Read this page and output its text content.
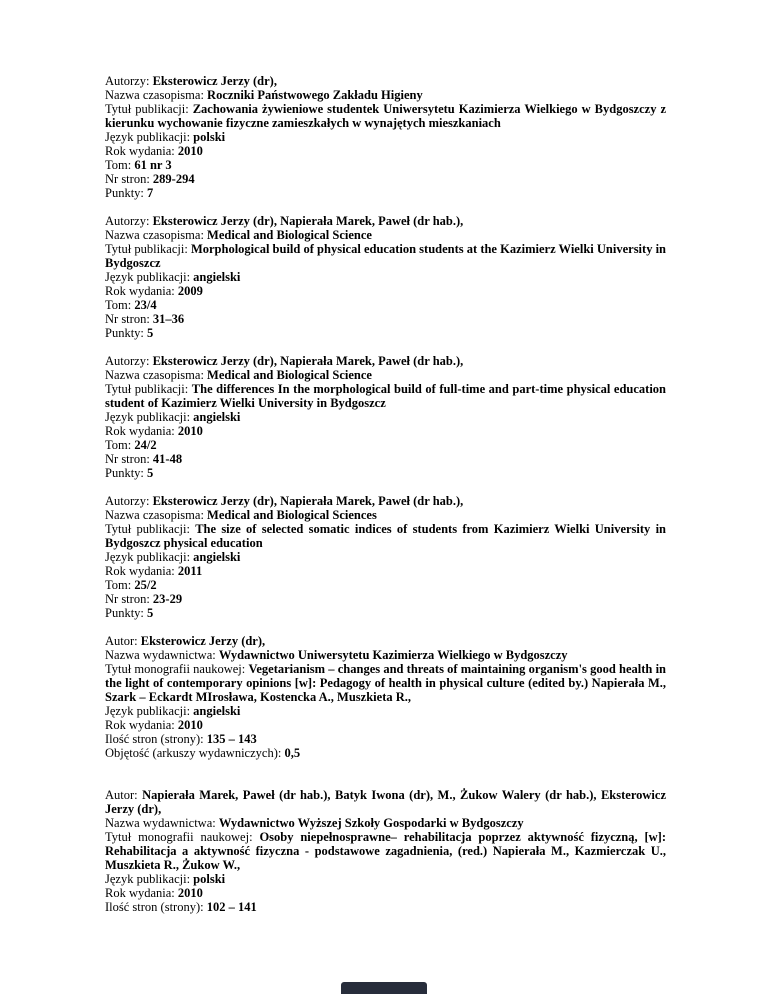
Autorzy: Eksterowicz Jerzy (dr),
Nazwa czasopisma: Roczniki Państwowego Zakładu Higieny
Tytuł publikacji: Zachowania żywieniowe studentek Uniwersytetu Kazimierza Wielkiego w Bydgoszczy z kierunku wychowanie fizyczne zamieszkałych w wynajętych mieszkaniach
Język publikacji: polski
Rok wydania: 2010
Tom: 61 nr 3
Nr stron: 289-294
Punkty: 7
Autorzy: Eksterowicz Jerzy (dr), Napierała Marek, Paweł (dr hab.),
Nazwa czasopisma: Medical and Biological Science
Tytuł publikacji: Morphological build of physical education students at the Kazimierz Wielki University in Bydgoszcz
Język publikacji: angielski
Rok wydania: 2009
Tom: 23/4
Nr stron: 31–36
Punkty: 5
Autorzy: Eksterowicz Jerzy (dr), Napierała Marek, Paweł (dr hab.),
Nazwa czasopisma: Medical and Biological Science
Tytuł publikacji: The differences In the morphological build of full-time and part-time physical education student of Kazimierz Wielki University in Bydgoszcz
Język publikacji: angielski
Rok wydania: 2010
Tom: 24/2
Nr stron: 41-48
Punkty: 5
Autorzy: Eksterowicz Jerzy (dr), Napierała Marek, Paweł (dr hab.),
Nazwa czasopisma: Medical and Biological Sciences
Tytuł publikacji: The size of selected somatic indices of students from Kazimierz Wielki University in Bydgoszcz physical education
Język publikacji: angielski
Rok wydania: 2011
Tom: 25/2
Nr stron: 23-29
Punkty: 5
Autor: Eksterowicz Jerzy (dr),
Nazwa wydawnictwa: Wydawnictwo Uniwersytetu Kazimierza Wielkiego w Bydgoszczy
Tytuł monografii naukowej: Vegetarianism – changes and threats of maintaining organism's good health in the light of contemporary opinions [w]: Pedagogy of health in physical culture (edited by.) Napierała M., Szark – Eckardt MIrosława, Kostencka A., Muszkieta R.,
Język publikacji: angielski
Rok wydania: 2010
Ilość stron (strony): 135 – 143
Objętość (arkuszy wydawniczych): 0,5
Autor: Napierała Marek, Paweł (dr hab.), Batyk Iwona (dr), M., Żukow Walery (dr hab.), Eksterowicz Jerzy (dr),
Nazwa wydawnictwa: Wydawnictwo Wyższej Szkoły Gospodarki w Bydgoszczy
Tytuł monografii naukowej: Osoby niepełnosprawne– rehabilitacja poprzez aktywność fizyczną, [w]: Rehabilitacja a aktywność fizyczna - podstawowe zagadnienia, (red.) Napierała M., Kazmierczak U., Muszkieta R., Żukow W.,
Język publikacji: polski
Rok wydania: 2010
Ilość stron (strony): 102 – 141
